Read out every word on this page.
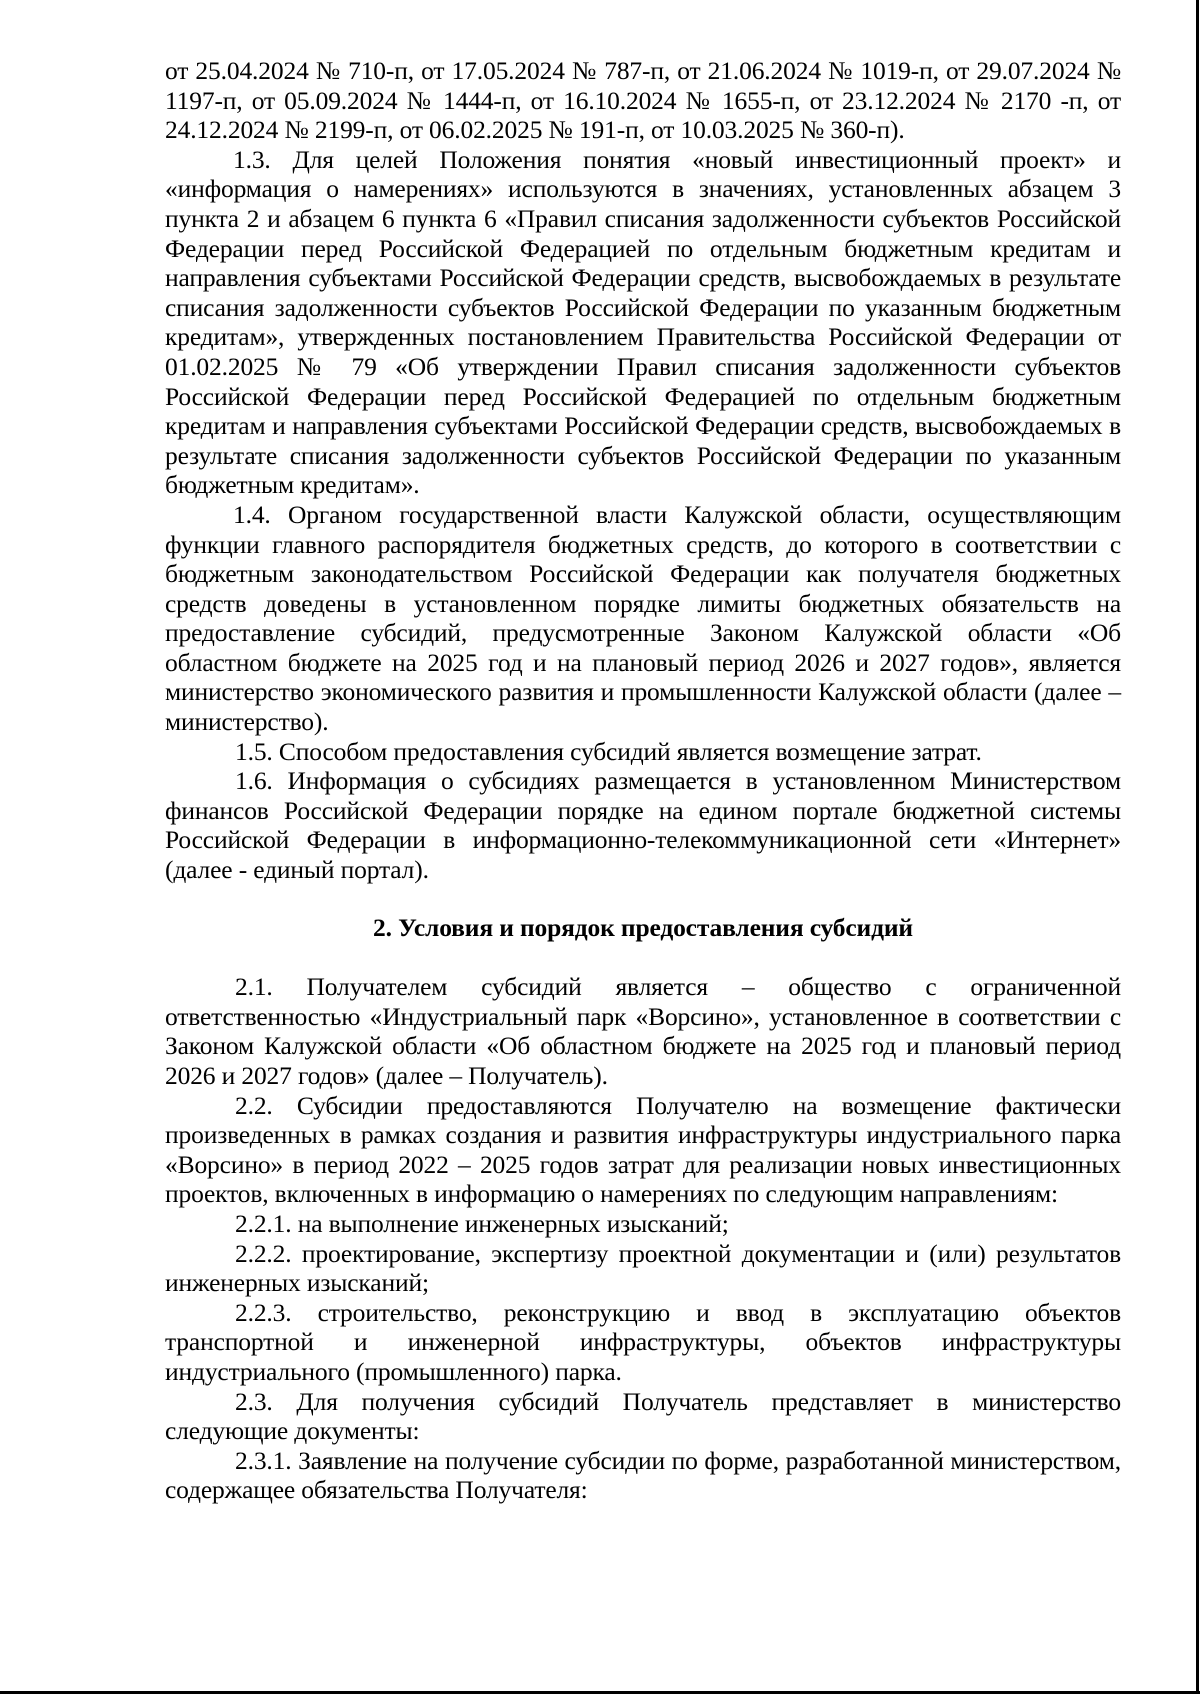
от 25.04.2024 № 710-п, от 17.05.2024 № 787-п, от 21.06.2024 № 1019-п, от 29.07.2024 № 1197-п, от 05.09.2024 № 1444-п, от 16.10.2024 № 1655-п, от 23.12.2024 № 2170 -п, от 24.12.2024 № 2199-п, от 06.02.2025 № 191-п, от 10.03.2025 № 360-п).

1.3. Для целей Положения понятия «новый инвестиционный проект» и «информация о намерениях» используются в значениях, установленных абзацем 3 пункта 2 и абзацем 6 пункта 6 «Правил списания задолженности субъектов Российской Федерации перед Российской Федерацией по отдельным бюджетным кредитам и направления субъектами Российской Федерации средств, высвобождаемых в результате списания задолженности субъектов Российской Федерации по указанным бюджетным кредитам», утвержденных постановлением Правительства Российской Федерации от 01.02.2025 № 79 «Об утверждении Правил списания задолженности субъектов Российской Федерации перед Российской Федерацией по отдельным бюджетным кредитам и направления субъектами Российской Федерации средств, высвобождаемых в результате списания задолженности субъектов Российской Федерации по указанным бюджетным кредитам».

1.4. Органом государственной власти Калужской области, осуществляющим функции главного распорядителя бюджетных средств, до которого в соответствии с бюджетным законодательством Российской Федерации как получателя бюджетных средств доведены в установленном порядке лимиты бюджетных обязательств на предоставление субсидий, предусмотренные Законом Калужской области «Об областном бюджете на 2025 год и на плановый период 2026 и 2027 годов», является министерство экономического развития и промышленности Калужской области (далее – министерство).

1.5. Способом предоставления субсидий является возмещение затрат.

1.6. Информация о субсидиях размещается в установленном Министерством финансов Российской Федерации порядке на едином портале бюджетной системы Российской Федерации в информационно-телекоммуникационной сети «Интернет» (далее - единый портал).

2. Условия и порядок предоставления субсидий

2.1. Получателем субсидий является – общество с ограниченной ответственностью «Индустриальный парк «Ворсино», установленное в соответствии с Законом Калужской области «Об областном бюджете на 2025 год и плановый период 2026 и 2027 годов» (далее – Получатель).

2.2. Субсидии предоставляются Получателю на возмещение фактически произведенных в рамках создания и развития инфраструктуры индустриального парка «Ворсино» в период 2022 – 2025 годов затрат для реализации новых инвестиционных проектов, включенных в информацию о намерениях по следующим направлениям:

2.2.1. на выполнение инженерных изысканий;

2.2.2. проектирование, экспертизу проектной документации и (или) результатов инженерных изысканий;

2.2.3. строительство, реконструкцию и ввод в эксплуатацию объектов транспортной и инженерной инфраструктуры, объектов инфраструктуры индустриального (промышленного) парка.

2.3. Для получения субсидий Получатель представляет в министерство следующие документы:

2.3.1. Заявление на получение субсидии по форме, разработанной министерством, содержащее обязательства Получателя:
